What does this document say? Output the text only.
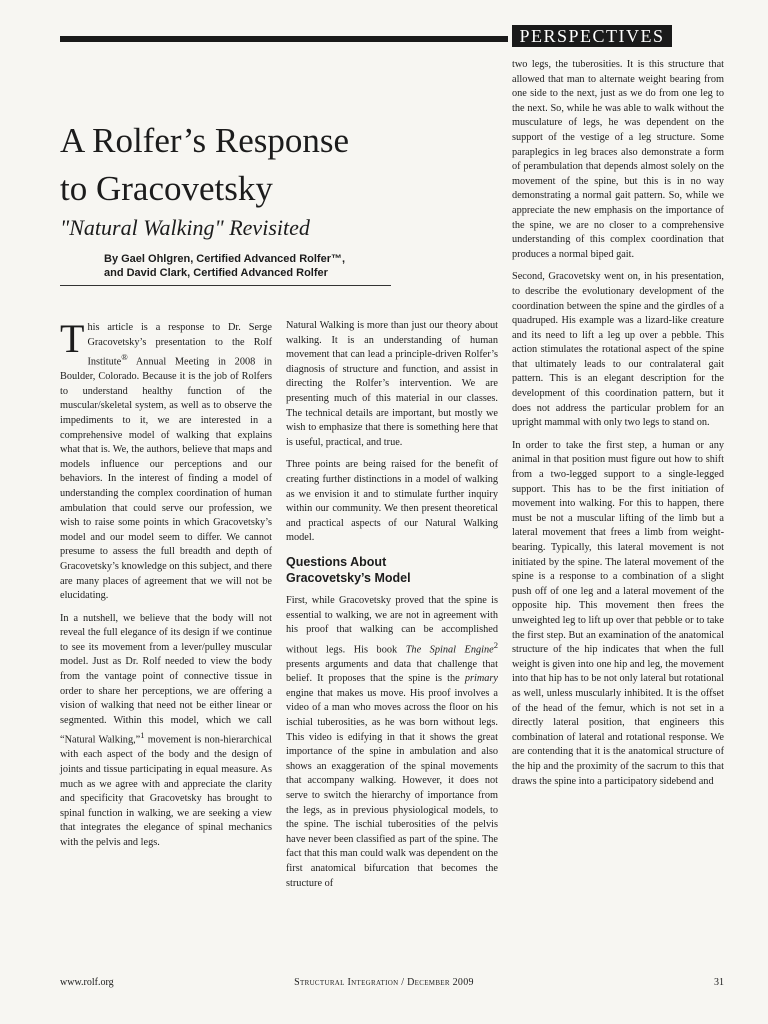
PERSPECTIVES
A Rolfer’s Response
to Gracovetsky
"Natural Walking" Revisited
By Gael Ohlgren, Certified Advanced Rolfer™,
and David Clark, Certified Advanced Rolfer

This article is a response to Dr. Serge Gracovetsky’s presentation to the Rolf Institute® Annual Meeting in 2008 in Boulder, Colorado. Because it is the job of Rolfers to understand healthy function of the muscular/skeletal system, as well as to observe the impediments to it, we are interested in a comprehensive model of walking that explains what that is. We, the authors, believe that maps and models influence our perceptions and our behaviors. In the interest of finding a model of understanding the complex coordination of human ambulation that could serve our profession, we wish to raise some points in which Gracovetsky’s model and our model seem to differ. We cannot presume to assess the full breadth and depth of Gracovetsky’s knowledge on this subject, and there are many places of agreement that we will not be elucidating.

In a nutshell, we believe that the body will not reveal the full elegance of its design if we continue to see its movement from a lever/pulley muscular model. Just as Dr. Rolf needed to view the body from the vantage point of connective tissue in order to share her perceptions, we are offering a vision of walking that need not be either linear or segmented. Within this model, which we call “Natural Walking,”$^1$ movement is non-hierarchical with each aspect of the body and the design of joints and tissue participating in equal measure. As much as we agree with and appreciate the clarity and specificity that Gracovetsky has brought to spinal function in walking, we are seeking a view that integrates the elegance of spinal mechanics with the pelvis and legs.

Natural Walking is more than just our theory about walking. It is an understanding of human movement that can lead a principle-driven Rolfer’s diagnosis of structure and function, and assist in directing the Rolfer’s intervention. We are presenting much of this material in our classes. The technical details are important, but mostly we wish to emphasize that there is something here that is useful, practical, and true.

Three points are being raised for the benefit of creating further distinctions in a model of walking as we envision it and to stimulate further inquiry within our community. We then present theoretical and practical aspects of our Natural Walking model.

Questions About
Gracovetsky’s Model

First, while Gracovetsky proved that the spine is essential to walking, we are not in agreement with his proof that walking can be accomplished without legs. His book The Spinal Engine$^2$ presents arguments and data that challenge that belief. It proposes that the spine is the primary engine that makes us move. His proof involves a video of a man who moves across the floor on his ischial tuberosities, as he was born without legs. This video is edifying in that it shows the great importance of the spine in ambulation and also shows an exaggeration of the spinal movements that accompany walking. However, it does not serve to switch the hierarchy of importance from the legs, as in previous physiological models, to the spine. The ischial tuberosities of the pelvis have never been classified as part of the spine. The fact that this man could walk was dependent on the first anatomical bifurcation that becomes the structure of

two legs, the tuberosities. It is this structure that allowed that man to alternate weight bearing from one side to the next, just as we do from one leg to the next. So, while he was able to walk without the musculature of legs, he was dependent on the support of the vestige of a leg structure. Some paraplegics in leg braces also demonstrate a form of perambulation that depends almost solely on the movement of the spine, but this is in no way demonstrating a normal gait pattern. So, while we appreciate the new emphasis on the importance of the spine, we are no closer to a comprehensive understanding of this complex coordination that produces a normal biped gait.

Second, Gracovetsky went on, in his presentation, to describe the evolutionary development of the coordination between the spine and the girdles of a quadruped. His example was a lizard-like creature and its need to lift a leg up over a pebble. This action stimulates the rotational aspect of the spine that ultimately leads to our contralateral gait pattern. This is an elegant description for the development of this coordination pattern, but it does not address the particular problem for an upright mammal with only two legs to stand on.

In order to take the first step, a human or any animal in that position must figure out how to shift from a two-legged support to a single-legged support. This has to be the first initiation of movement into walking. For this to happen, there must be not a muscular lifting of the limb but a lateral movement that frees a limb from weight-bearing. Typically, this lateral movement is not initiated by the spine. The lateral movement of the spine is a response to a combination of a slight push off of one leg and a lateral movement of the opposite hip. This movement then frees the unweighted leg to lift up over that pebble or to take the first step. But an examination of the anatomical structure of the hip indicates that when the full weight is given into one hip and leg, the movement into that hip has to be not only lateral but rotational as well, unless muscularly inhibited. It is the offset of the head of the femur, which is not set in a directly lateral position, that engineers this combination of lateral and rotational response. We are contending that it is the anatomical structure of the hip and the proximity of the sacrum to this that draws the spine into a participatory sidebend and

www.rolf.org	Structural Integration / December 2009	31
